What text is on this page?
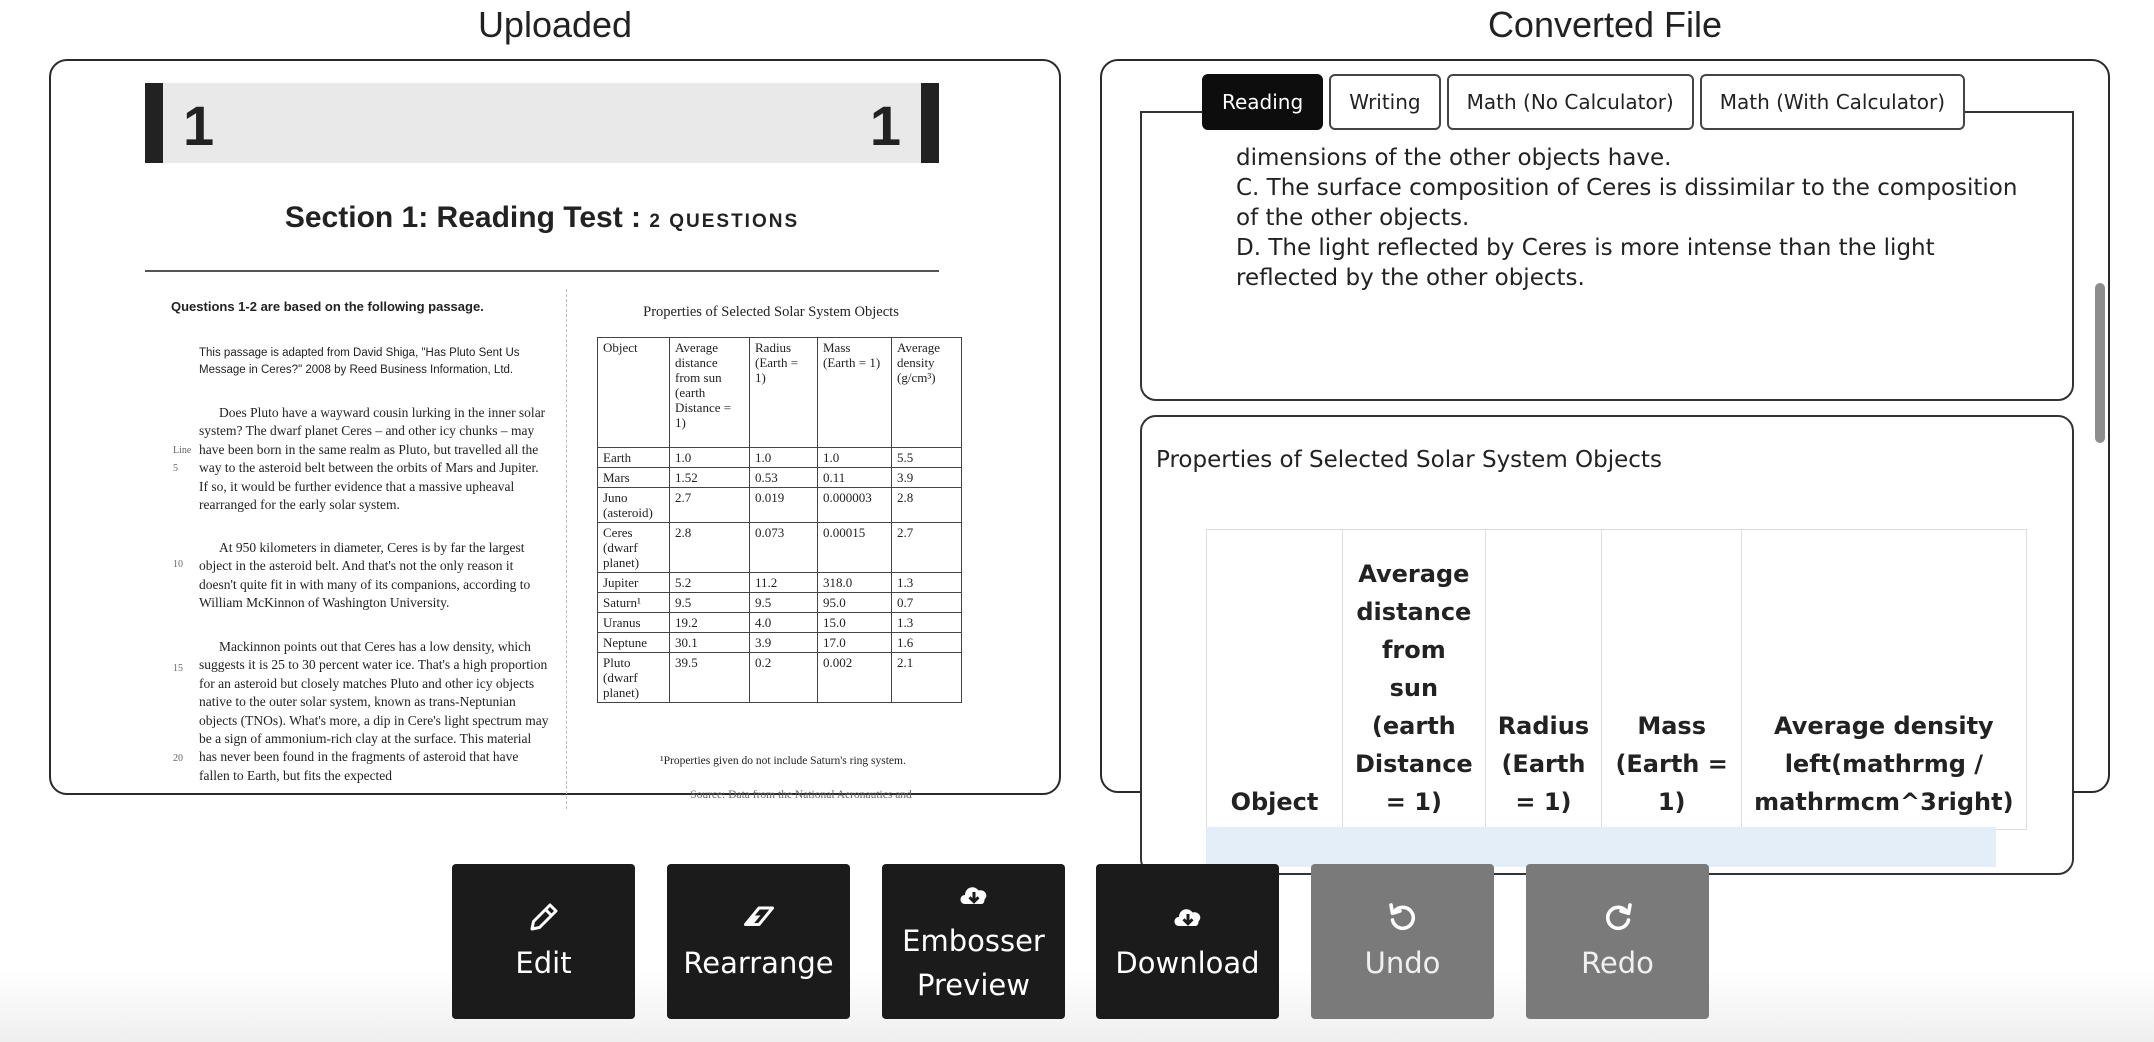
Uploaded	Converted File
1	1
Section 1: Reading Test : 2 QUESTIONS
Questions 1-2 are based on the following passage.
This passage is adapted from David Shiga, "Has Pluto Sent Us Message in Ceres?" 2008 by Reed Business Information, Ltd.
Line
5
10
15
20
Does Pluto have a wayward cousin lurking in the inner solar system? The dwarf planet Ceres – and other icy chunks – may have been born in the same realm as Pluto, but travelled all the way to the asteroid belt between the orbits of Mars and Jupiter. If so, it would be further evidence that a massive upheaval rearranged for the early solar system.
At 950 kilometers in diameter, Ceres is by far the largest object in the asteroid belt. And that's not the only reason it doesn't quite fit in with many of its companions, according to William McKinnon of Washington University.
Mackinnon points out that Ceres has a low density, which suggests it is 25 to 30 percent water ice. That's a high proportion for an asteroid but closely matches Pluto and other icy objects native to the outer solar system, known as trans-Neptunian objects (TNOs). What's more, a dip in Cere's light spectrum may be a sign of ammonium-rich clay at the surface. This material has never been found in the fragments of asteroid that have fallen to Earth, but fits the expected
Properties of Selected Solar System Objects
Object	Average distance from sun (earth Distance = 1)	Radius (Earth = 1)	Mass (Earth = 1)	Average density (g/cm³)
Earth	1.0	1.0	1.0	5.5
Mars	1.52	0.53	0.11	3.9
Juno (asteroid)	2.7	0.019	0.000003	2.8
Ceres (dwarf planet)	2.8	0.073	0.00015	2.7
Jupiter	5.2	11.2	318.0	1.3
Saturn¹	9.5	9.5	95.0	0.7
Uranus	19.2	4.0	15.0	1.3
Neptune	30.1	3.9	17.0	1.6
Pluto (dwarf planet)	39.5	0.2	0.002	2.1
¹Properties given do not include Saturn's ring system.
Source: Data from the National Aeronautics and
Reading	Writing	Math (No Calculator)	Math (With Calculator)
dimensions of the other objects have.
C. The surface composition of Ceres is dissimilar to the composition
of the other objects.
D. The light reflected by Ceres is more intense than the light
reflected by the other objects.
Properties of Selected Solar System Objects
Object	Average distance from sun (earth Distance = 1)	Radius (Earth = 1)	Mass (Earth = 1)	Average density left(mathrmg / mathrmcm^3right)
Edit	Rearrange
Embosser
Preview
Download	Undo	Redo
